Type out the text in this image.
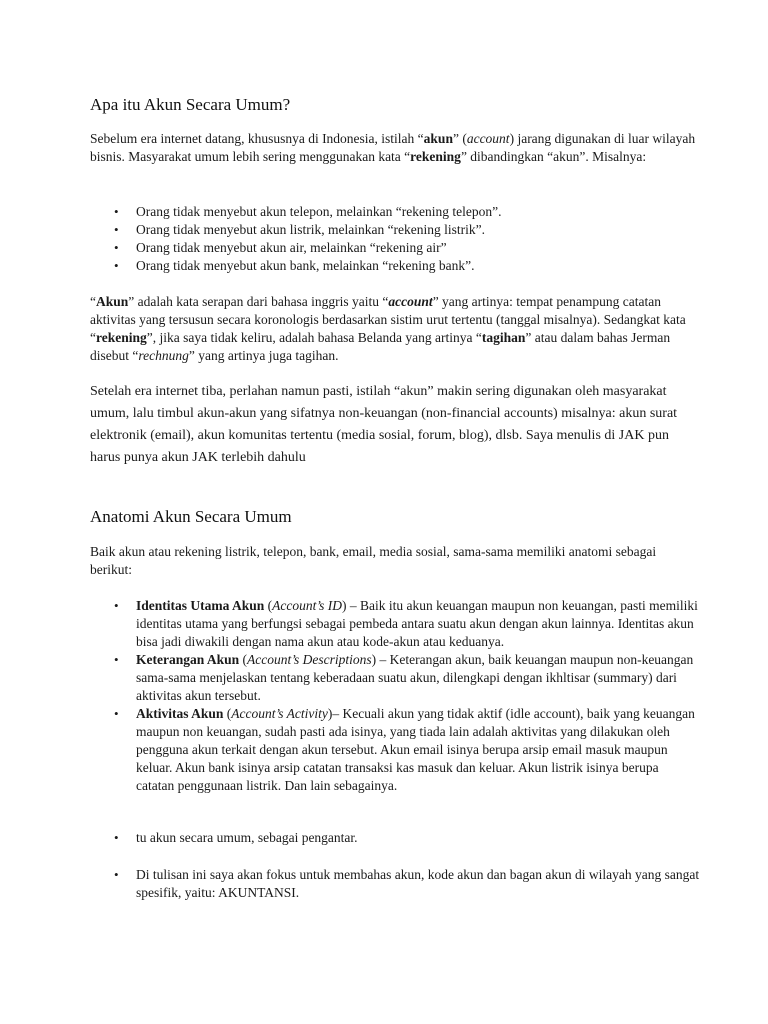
Apa itu Akun Secara Umum?

Sebelum era internet datang, khususnya di Indonesia, istilah “akun” (account) jarang digunakan di luar wilayah bisnis. Masyarakat umum lebih sering menggunakan kata “rekening” dibandingkan “akun”. Misalnya:

• Orang tidak menyebut akun telepon, melainkan “rekening telepon”.
• Orang tidak menyebut akun listrik, melainkan “rekening listrik”.
• Orang tidak menyebut akun air, melainkan “rekening air”
• Orang tidak menyebut akun bank, melainkan “rekening bank”.

“Akun” adalah kata serapan dari bahasa inggris yaitu “account” yang artinya: tempat penampung catatan aktivitas yang tersusun secara koronologis berdasarkan sistim urut tertentu (tanggal misalnya). Sedangkat kata “rekening”, jika saya tidak keliru, adalah bahasa Belanda yang artinya “tagihan” atau dalam bahas Jerman disebut “rechnung” yang artinya juga tagihan.

Setelah era internet tiba, perlahan namun pasti, istilah “akun” makin sering digunakan oleh masyarakat umum, lalu timbul akun-akun yang sifatnya non-keuangan (non-financial accounts) misalnya: akun surat elektronik (email), akun komunitas tertentu (media sosial, forum, blog), dlsb. Saya menulis di JAK pun harus punya akun JAK terlebih dahulu

Anatomi Akun Secara Umum

Baik akun atau rekening listrik, telepon, bank, email, media sosial, sama-sama memiliki anatomi sebagai berikut:

• Identitas Utama Akun (Account’s ID) – Baik itu akun keuangan maupun non keuangan, pasti memiliki identitas utama yang berfungsi sebagai pembeda antara suatu akun dengan akun lainnya. Identitas akun bisa jadi diwakili dengan nama akun atau kode-akun atau keduanya.
• Keterangan Akun (Account’s Descriptions) – Keterangan akun, baik keuangan maupun non-keuangan sama-sama menjelaskan tentang keberadaan suatu akun, dilengkapi dengan ikhltisar (summary) dari aktivitas akun tersebut.
• Aktivitas Akun (Account’s Activity)– Kecuali akun yang tidak aktif (idle account), baik yang keuangan maupun non keuangan, sudah pasti ada isinya, yang tiada lain adalah aktivitas yang dilakukan oleh pengguna akun terkait dengan akun tersebut. Akun email isinya berupa arsip email masuk maupun keluar. Akun bank isinya arsip catatan transaksi kas masuk dan keluar. Akun listrik isinya berupa catatan penggunaan listrik. Dan lain sebagainya.
• tu akun secara umum, sebagai pengantar.
• Di tulisan ini saya akan fokus untuk membahas akun, kode akun dan bagan akun di wilayah yang sangat spesifik, yaitu: AKUNTANSI.
